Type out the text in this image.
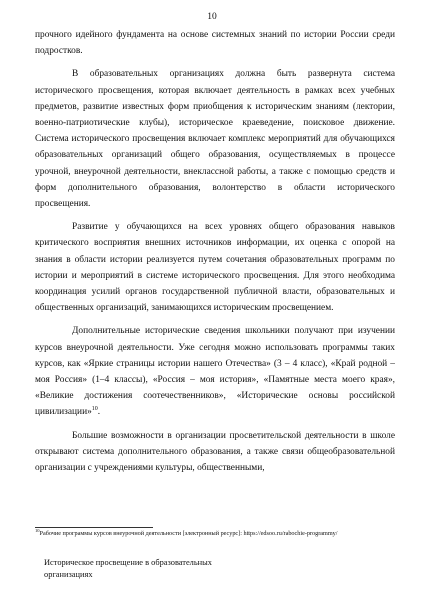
10

прочного идейного фундамента на основе системных знаний по истории России среди подростков.

В образовательных организациях должна быть развернута система исторического просвещения, которая включает деятельность в рамках всех учебных предметов, развитие известных форм приобщения к историческим знаниям (лектории, военно-патриотические клубы), историческое краеведение, поисковое движение. Система исторического просвещения включает комплекс мероприятий для обучающихся образовательных организаций общего образования, осуществляемых в процессе урочной, внеурочной деятельности, внеклассной работы, а также с помощью средств и форм дополнительного образования, волонтерство в области исторического просвещения.

Развитие у обучающихся на всех уровнях общего образования навыков критического восприятия внешних источников информации, их оценка с опорой на знания в области истории реализуется путем сочетания образовательных программ по истории и мероприятий в системе исторического просвещения. Для этого необходима координация усилий органов государственной публичной власти, образовательных и общественных организаций, занимающихся историческим просвещением.

Дополнительные исторические сведения школьники получают при изучении курсов внеурочной деятельности. Уже сегодня можно использовать программы таких курсов, как «Яркие страницы истории нашего Отечества» (3 – 4 класс), «Край родной – моя Россия» (1–4 классы), «Россия – моя история», «Памятные места моего края», «Великие достижения соотечественников», «Исторические основы российской цивилизации»$^{10}$.

Большие возможности в организации просветительской деятельности в школе открывают система дополнительного образования, а также связи общеобразовательной организации с учреждениями культуры, общественными,

$^{10}$Рабочие программы курсов внеурочной деятельности [электронный ресурс]: https://edsoo.ru/rabochie-programmy/
Историческое просвещение в образовательных
организациях
